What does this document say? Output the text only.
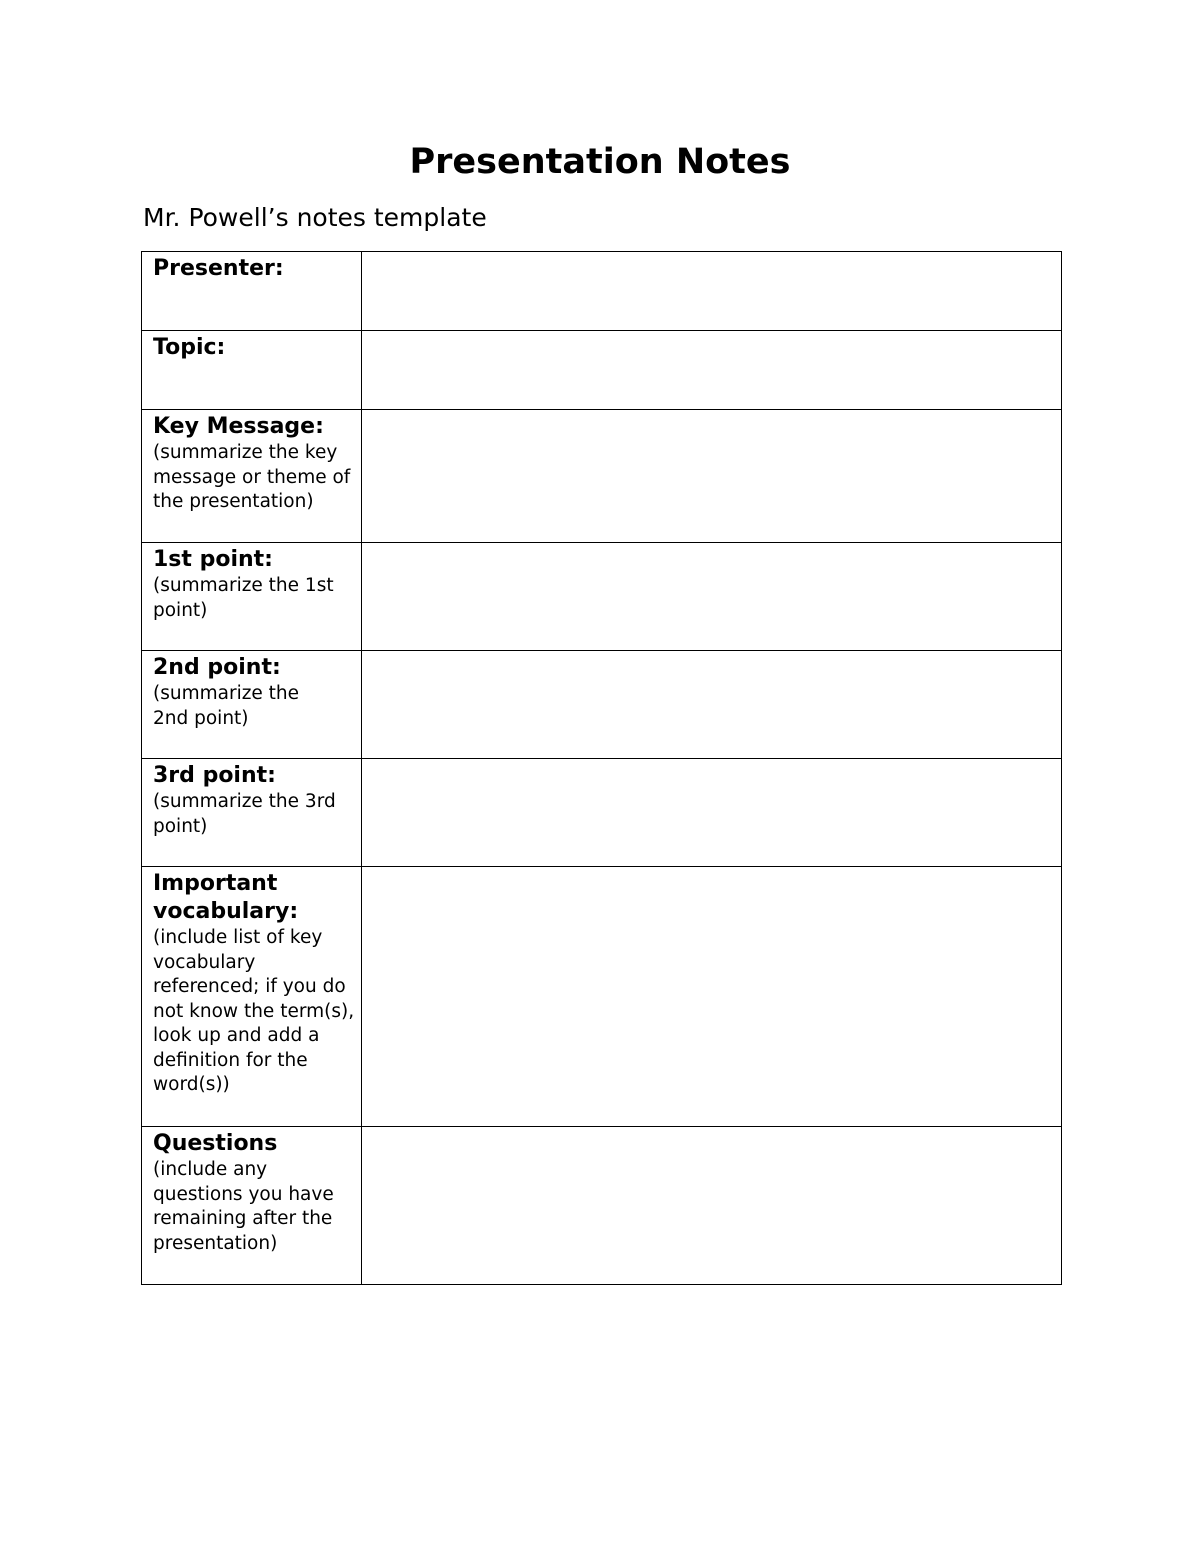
Presentation Notes

Mr. Powell’s notes template

Presenter:	

Topic:	

Key Message:
(summarize the key message or theme of the presentation)	

1st point:
(summarize the 1st point)	

2nd point:
(summarize the 2nd point)	

3rd point:
(summarize the 3rd point)	

Important vocabulary:
(include list of key vocabulary referenced; if you do not know the term(s), look up and add a definition for the word(s))	

Questions
(include any questions you have remaining after the presentation)	
